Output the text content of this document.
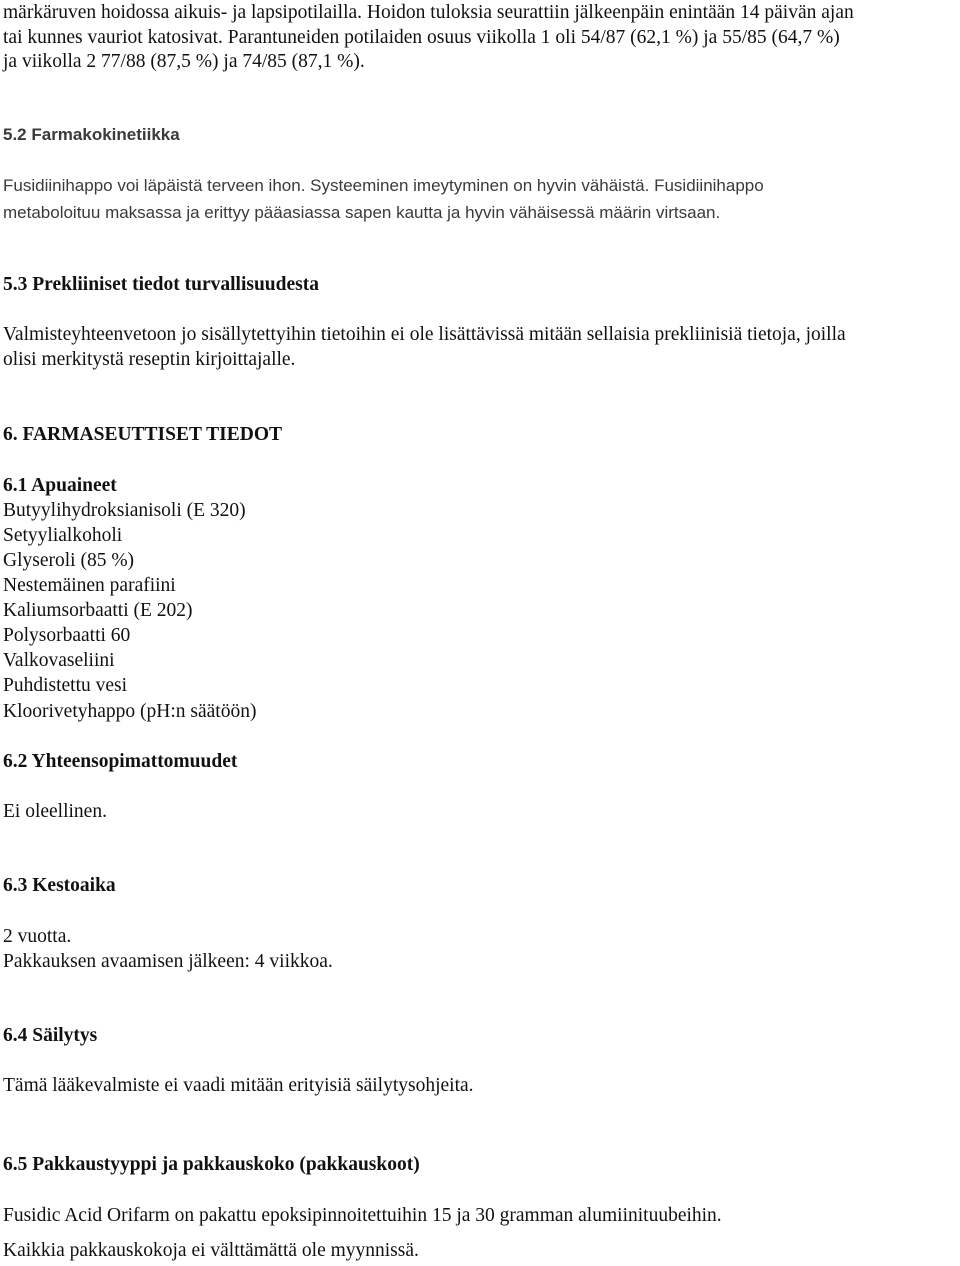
märkäruven hoidossa aikuis- ja lapsipotilailla. Hoidon tuloksia seurattiin jälkeenpäin enintään 14 päivän ajan

tai kunnes vauriot katosivat. Parantuneiden potilaiden osuus viikolla 1 oli 54/87 (62,1 %) ja 55/85 (64,7 %)

ja viikolla 2 77/88 (87,5 %) ja 74/85 (87,1 %).

5.2 Farmakokinetiikka

Fusidiinihappo voi läpäistä terveen ihon. Systeeminen imeytyminen on hyvin vähäistä. Fusidiinihappo

metaboloituu maksassa ja erittyy pääasiassa sapen kautta ja hyvin vähäisessä määrin virtsaan.

5.3 Prekliiniset tiedot turvallisuudesta

Valmisteyhteenvetoon jo sisällytettyihin tietoihin ei ole lisättävissä mitään sellaisia prekliinisiä tietoja, joilla

olisi merkitystä reseptin kirjoittajalle.

6. FARMASEUTTISET TIEDOT

6.1 Apuaineet

Butyylihydroksianisoli (E 320)

Setyylialkoholi

Glyseroli (85 %)

Nestemäinen parafiini

Kaliumsorbaatti (E 202)

Polysorbaatti 60

Valkovaseliini

Puhdistettu vesi

Kloorivetyhappo (pH:n säätöön)

6.2 Yhteensopimattomuudet

Ei oleellinen.

6.3 Kestoaika

2 vuotta.

Pakkauksen avaamisen jälkeen: 4 viikkoa.

6.4 Säilytys

Tämä lääkevalmiste ei vaadi mitään erityisiä säilytysohjeita.

6.5 Pakkaustyyppi ja pakkauskoko (pakkauskoot)

Fusidic Acid Orifarm on pakattu epoksipinnoitettuihin 15 ja 30 gramman alumiinituubeihin.

Kaikkia pakkauskokoja ei välttämättä ole myynnissä.
